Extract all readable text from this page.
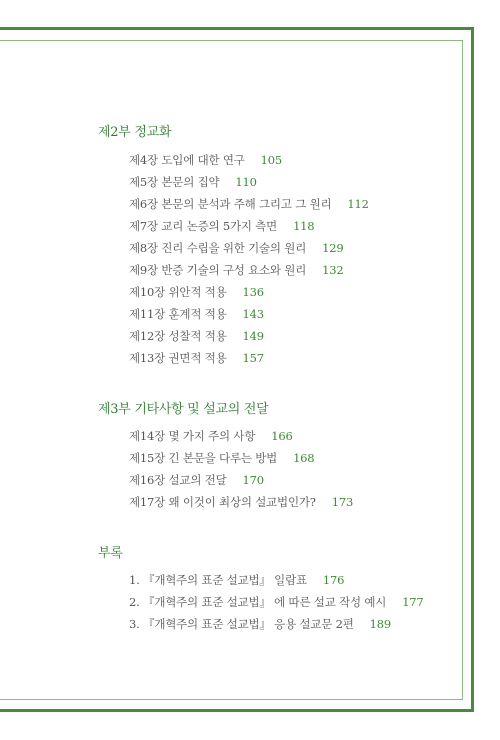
제2부 정교화
제4장 도입에 대한 연구 105
제5장 본문의 집약 110
제6장 본문의 분석과 주해 그리고 그 원리 112
제7장 교리 논증의 5가지 측면 118
제8장 진리 수립을 위한 기술의 원리 129
제9장 반증 기술의 구성 요소와 원리 132
제10장 위안적 적용 136
제11장 훈계적 적용 143
제12장 성찰적 적용 149
제13장 권면적 적용 157
제3부 기타사항 및 설교의 전달
제14장 몇 가지 주의 사항 166
제15장 긴 본문을 다루는 방법 168
제16장 설교의 전달 170
제17장 왜 이것이 최상의 설교법인가? 173
부록
1. 『개혁주의 표준 설교법』 일람표 176
2. 『개혁주의 표준 설교법』 에 따른 설교 작성 예시 177
3. 『개혁주의 표준 설교법』 응용 설교문 2편 189
